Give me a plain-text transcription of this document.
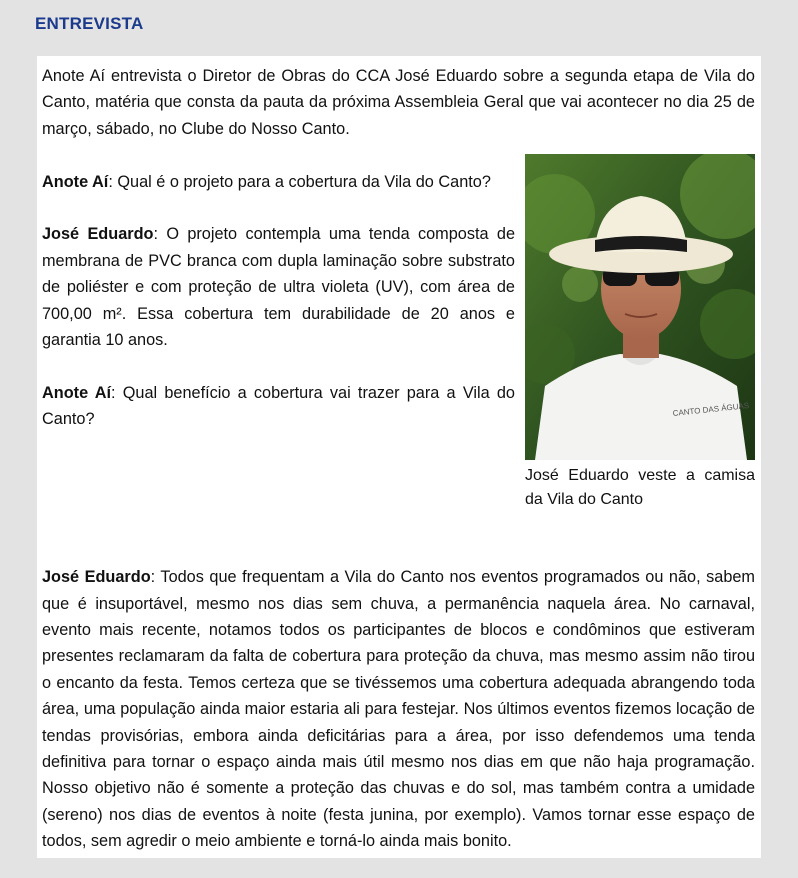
ENTREVISTA

Anote Aí entrevista o Diretor de Obras do CCA José Eduardo sobre a segunda etapa de Vila do Canto, matéria que consta da pauta da próxima Assembleia Geral que vai acontecer no dia 25 de março, sábado, no Clube do Nosso Canto.

CANTO DAS ÁGUAS
José Eduardo veste a camisa da Vila do Canto

Anote Aí: Qual é o projeto para a cobertura da Vila do Canto?

José Eduardo: O projeto contempla uma tenda composta de membrana de PVC branca com dupla laminação sobre substrato de poliéster e com proteção de ultra violeta (UV), com área de 700,00 m². Essa cobertura tem durabilidade de 20 anos e garantia 10 anos.

Anote Aí: Qual benefício a cobertura vai trazer para a Vila do Canto?

José Eduardo: Todos que frequentam a Vila do Canto nos eventos programados ou não, sabem que é insuportável, mesmo nos dias sem chuva, a permanência naquela área. No carnaval, evento mais recente, notamos todos os participantes de blocos e condôminos que estiveram presentes reclamaram da falta de cobertura para proteção da chuva, mas mesmo assim não tirou o encanto da festa. Temos certeza que se tivéssemos uma cobertura adequada abrangendo toda área, uma população ainda maior estaria ali para festejar. Nos últimos eventos fizemos locação de tendas provisórias, embora ainda deficitárias para a área, por isso defendemos uma tenda definitiva para tornar o espaço ainda mais útil mesmo nos dias em que não haja programação. Nosso objetivo não é somente a proteção das chuvas e do sol, mas também contra a umidade (sereno) nos dias de eventos à noite (festa junina, por exemplo). Vamos tornar esse espaço de todos, sem agredir o meio ambiente e torná-lo ainda mais bonito.
